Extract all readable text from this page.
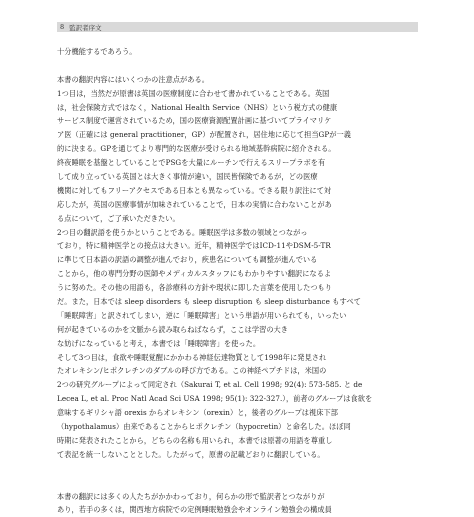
8 監訳者序文
十分機能するであろう。
本書の翻訳内容にはいくつかの注意点がある。
1つ目は，当然だが原書は英国の医療制度に合わせて書かれていることである。英国
は，社会保険方式ではなく，National Health Service（NHS）という税方式の健康
サービス制度で運営されているため，国の医療資源配置計画に基づいてプライマリケ
ア医（正確には general practitioner，GP）が配置され，居住地に応じて担当GPが一義
的に決まる。GPを通じてより専門的な医療が受けられる地域基幹病院に紹介される。
終夜睡眠を基盤としていることでPSGを大量にルーチンで行えるスリープラボを有
して成り立っている英国とは大きく事情が違い，国民皆保険であるが，どの医療
機関に対してもフリーアクセスである日本とも異なっている。できる限り訳注にて対
応したが，英国の医療事情が加味されていることで，日本の実情に合わないことがあ
る点について，ご了承いただきたい。
2つ目の翻訳語を使うかということである。睡眠医学は多数の領域とつながっ
ており，特に精神医学との接点は大きい。近年，精神医学ではICD-11やDSM-5-TR
に準じて日本語の訳語の調整が進んでおり，疾患名についても調整が進んでいる
ことから，他の専門分野の医師やメディカルスタッフにもわかりやすい翻訳になるよ
うに努めた。その他の用語も，各診療科の方針や現状に即した言葉を使用したつもり
だ。また，日本では sleep disorders も sleep disruption も sleep disturbance もすべて
「睡眠障害」と訳されてしまい，逆に「睡眠障害」という単語が用いられても，いったい
何が起きているのかを文脈から読み取らねばならず，ここは学習の大き
な妨げになっていると考え，本書では「睡眠障害」を使った。
そして3つ目は，食欲や睡眠覚醒にかかわる神経伝達物質として1998年に発見され
たオレキシン/ヒポクレチンのダブルの呼び方である。この神経ペプチドは，米国の
2つの研究グループによって同定され（Sakurai T, et al. Cell 1998; 92(4): 573-585. と de
Lecea L, et al. Proc Natl Acad Sci USA 1998; 95(1): 322-327.），前者のグループは食欲を
意味するギリシャ語 orexis からオレキシン（orexin）と，後者のグループは視床下部
（hypothalamus）由来であることからヒポクレチン（hypocretin）と命名した。ほぼ同
時期に発表されたことから，どちらの名称も用いられ，本書では原著の用語を尊重し
て表記を統一しないこととした。したがって，原書の記載どおりに翻訳している。
本書の翻訳には多くの人たちがかかわっており，何らかの形で監訳者とつながりが
あり，若手の多くは，関西地方病院での定例睡眠勉強会やオンライン勉強会の構成員
